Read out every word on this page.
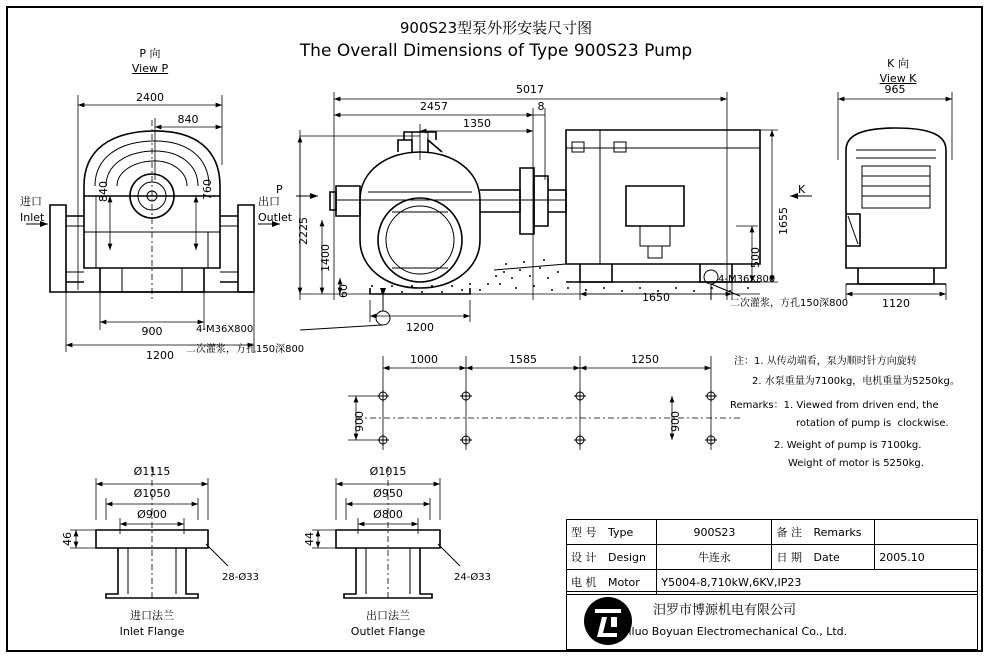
900S23型泵外形安装尺寸图
The Overall Dimensions of Type 900S23 Pump
P 向
View P	K 向
View K
2400
840
840	760
900
1200
进口
Inlet
出口
Outlet
5017
2457
1350
8
2225
1400
60
1200
1650
1655
500
P	K
4-M36X800
二次灌浆，方孔150深800
4-M36X800
二次灌浆，方孔150深800
965
1120
1000	1585	1250
900	900
Ø1115
Ø1050
Ø900
46
28-Ø33
进口法兰
Inlet Flange
Ø1015
Ø950
Ø800
44
24-Ø33
出口法兰
Outlet Flange
注：1. 从传动端看，泵为顺时针方向旋转
2. 水泵重量为7100kg，电机重量为5250kg。
Remarks：1. Viewed from driven end, the
rotation of pump is  clockwise.
2. Weight of pump is 7100kg.
Weight of motor is 5250kg.
型 号 Type	900S23	备 注 Remarks	
设 计 Design	牛连永	日 期 Date	2005.10
电 机 Motor	Y5004-8,710kW,6KV,IP23		
汨罗市博源机电有限公司
Miluo Boyuan Electromechanical Co., Ltd.
